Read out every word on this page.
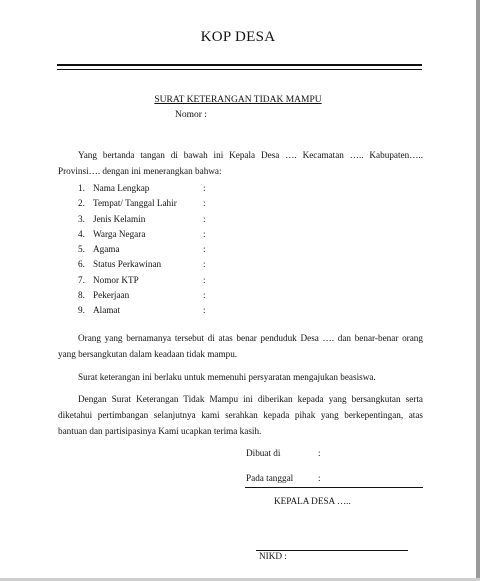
KOP DESA
SURAT KETERANGAN TIDAK MAMPU
Nomor :
Yang bertanda tangan di bawah ini Kepala Desa …. Kecamatan ….. Kabupaten….. Provinsi…. dengan ini menerangkan bahwa:
1. Nama Lengkap	:
2. Tempat/ Tanggal Lahir	:
3. Jenis Kelamin	:
4. Warga Negara	:
5. Agama	:
6. Status Perkawinan	:
7. Nomor KTP	:
8. Pekerjaan	:
9. Alamat	:
Orang yang bernamanya tersebut di atas benar penduduk Desa …. dan benar-benar orang yang bersangkutan dalam keadaan tidak mampu.
Surat keterangan ini berlaku untuk memenuhi persyaratan mengajukan beasiswa.
Dengan Surat Keterangan Tidak Mampu ini diberikan kepada yang bersangkutan serta diketahui pertimbangan selanjutnya kami serahkan kepada pihak yang berkepentingan, atas bantuan dan partisipasinya Kami ucapkan terima kasih.
Dibuat di	:
Pada tanggal	:
KEPALA DESA …..
NIKD :
